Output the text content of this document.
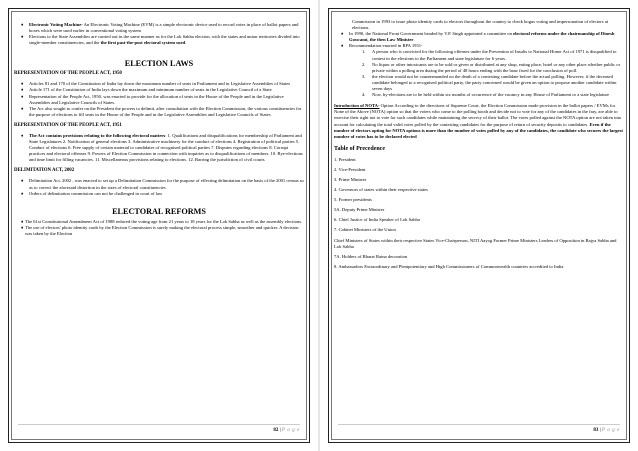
♦ Electronic Voting Machine- An Electronic Voting Machine (EVM) is a simple electronic device used to record votes in place of ballot papers and boxes which were used earlier in conventional voting system
♦ Elections to the State Assemblies are carried out in the same manner as for the Lok Sabha election, with the states and union territories divided into single-member constituencies, and the the first past-the-post electoral system used.
ELECTION LAWS
REPRESENTATION OF THE PEOPLE ACT, 1950
♦ Articles 81 and 170 of the Constitution of India lay down the maximum number of seats in Parliament and in Legislative Assemblies of States
♦ Article 171 of the Constitution of India lays down the maximum and minimum number of seats in the Legislative Council of a State
♦ Representation of the People Act, 1950, was enacted to provide for the allocation of seats in the House of the People and in the Legislative Assemblies and Legislative Councils of States.
♦ The Act also sought to confer on the President the powers to delimit, after consultation with the Election Commission, the various constituencies for the purpose of elections to fill seats in the House of the People and in the Legislative Assemblies and Legislative Councils of States
REPRESENTATION OF THE PEOPLE ACT, 1951
♦ The Act contains provisions relating to the following electoral matters: 1. Qualifications and disqualifications for membership of Parliament and State Legislatures 2. Notification of general elections 3. Administrative machinery for the conduct of elections 4. Registration of political parties 5. Conduct of elections 6. Free supply of certain material to candidates of recognised political parties 7. Disputes regarding elections 8. Corrupt practices and electoral offenses 9. Powers of Election Commission in connection with inquiries as to disqualifications of members. 10. Bye-elections and time limit for filling vacancies. 11. Miscellaneous provisions relating to elections. 12. Barring the jurisdiction of civil courts
DELIMITATION ACT, 2002
♦ Delimitation Act, 2002 , was enacted to set up a Delimitation Commission for the purpose of effecting delimitation on the basis of the 2001 census so as to correct the aforesaid distortion in the sizes of electoral constituencies
♦ Orders of delimitation commission can not be challenged in court of law
ELECTORAL REFORMS
♦ The 61st Constitutional Amendment Act of 1988 reduced the voting age from 21 years to 18 years for the Lok Sabha as well as the assembly elections.
♦ The use of electors' photo identity cards by the Election Commission is surely making the electoral process simple, smoother and quicker. A decision was taken by the Election
82 | P a g e
Commission in 1993 to issue photo identity cards to electors throughout the country to check bogus voting and impersonation of electors at elections.
♦ In 1990, the National Front Government headed by V.P. Singh appointed a committee on electoral reforms under the chairmanship of Dinesh Goswami, the then Law Minister.
♦ Recommendation enacted in RPA 1951-
1. A person who is convicted for the following offenses under the Prevention of Insults to National Honor Act of 1971 is disqualified to contest in the elections to the Parliament and state legislature for 6 years.
2. No liquor or other intoxicants are to be sold or given or distributed at any shop, eating place, hotel or any other place whether public or private within a polling area during the period of 48 hours ending with the hour fixed for the conclusion of poll.
3. the election would not be countermanded on the death of a contesting candidate before the actual polling. However, if the deceased candidate belonged to a recognised political party, the party concerned would be given an option to propose another candidate within seven days
4. Now, by-elections are to be held within six months of occurrence of the vacancy in any House of Parliament or a state legislature
Introduction of NOTA- Option According to the directions of Supreme Court, the Election Commission made provision in the ballot papers / EVMs for None of the Above (NOTA) option so that the voters who come to the polling booth and decide not to vote for any of the candidates in the fray, are able to exercise their right not to vote for such candidates while maintaining the secrecy of their ballot. The votes polled against the NOTA option are not taken into account for calculating the total valid votes polled by the contesting candidates for the purpose of return of security deposits to candidates. Even if the number of electors opting for NOTA options is more than the number of votes polled by any of the candidates, the candidate who secures the largest number of votes has to be declared elected
Table of Precedence
1. President
2. Vice-President
3. Prime Minister
4. Governors of states within their respective states
5. Former presidents
5A. Deputy Prime Minister
6. Chief Justice of India Speaker of Lok Sabha
7. Cabinet Ministers of the Union
Chief Ministers of States within their respective States Vice-Chairperson, NITI Aayog Former Prime Ministers Leaders of Opposition in Rajya Sabha and Lok Sabha
7A. Holders of Bharat Ratna decoration
8. Ambassadors Extraordinary and Plenipotentiary and High Commissioners of Commonwealth countries accredited to India
83 | P a g e
